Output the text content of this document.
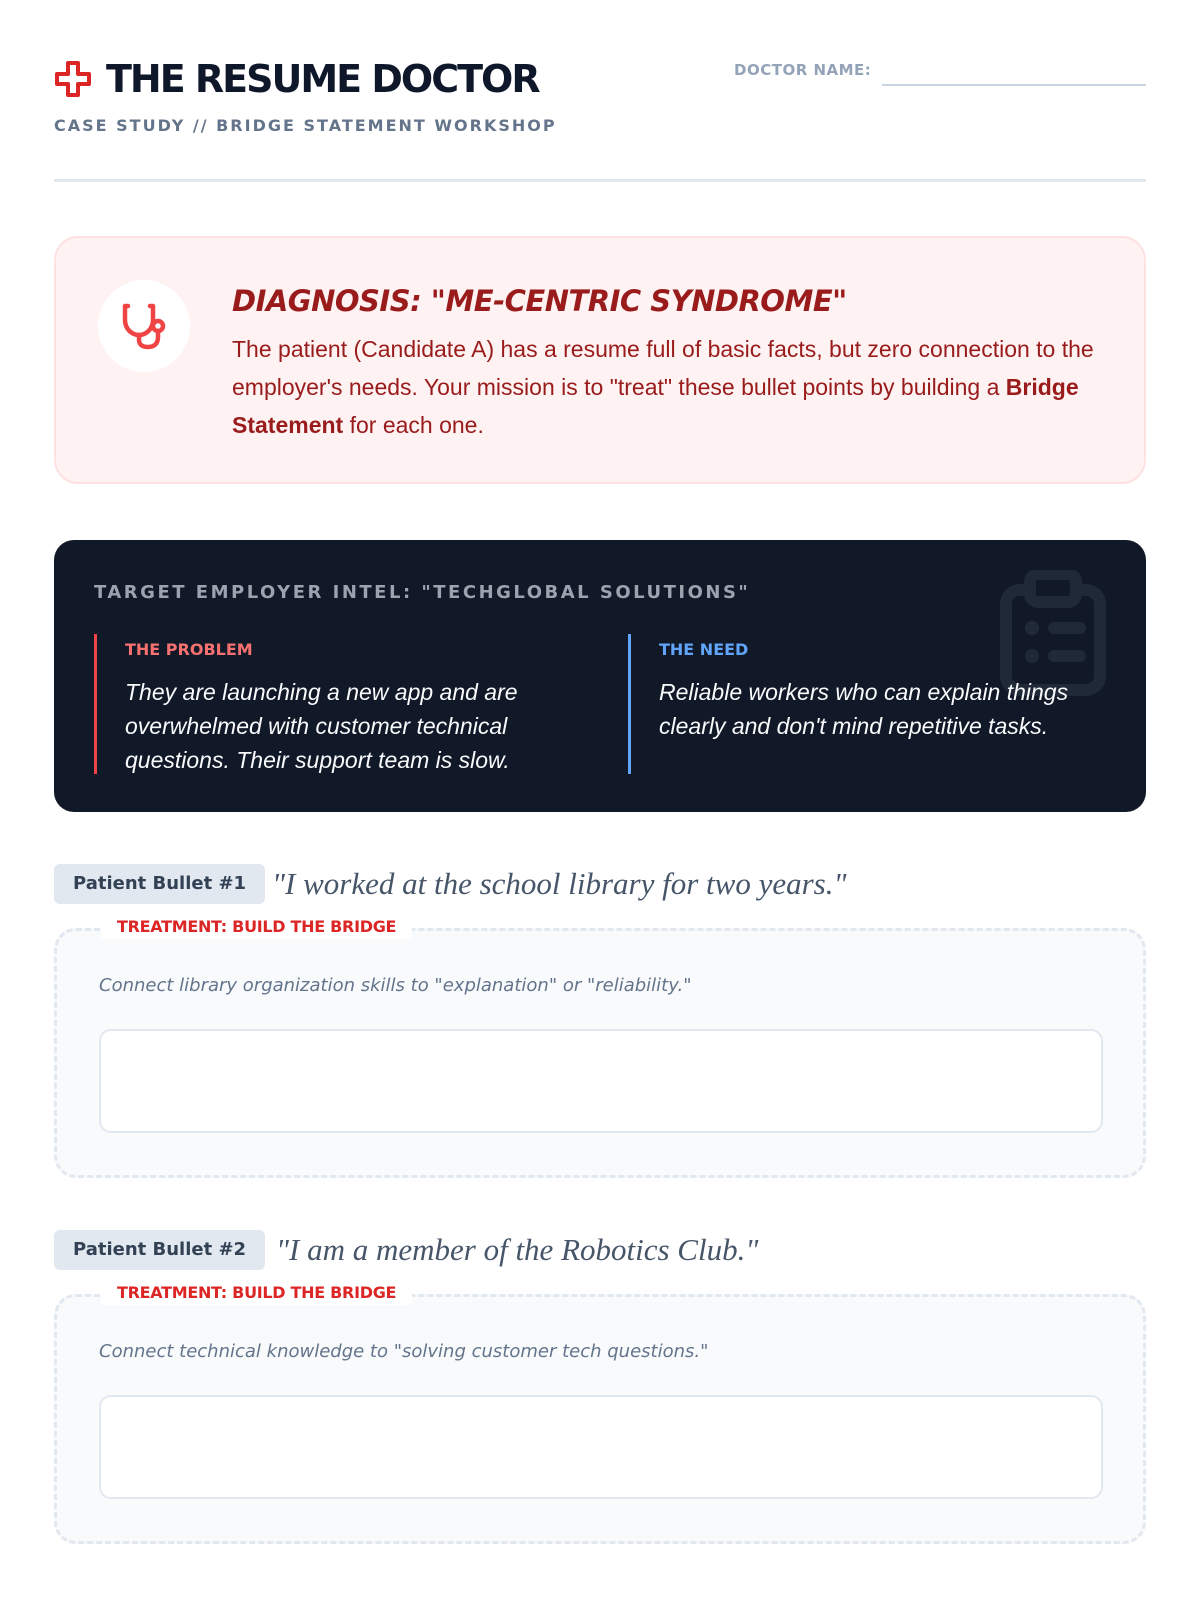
THE RESUME DOCTOR
CASE STUDY // BRIDGE STATEMENT WORKSHOP
DOCTOR NAME:
DIAGNOSIS: "ME-CENTRIC SYNDROME"
The patient (Candidate A) has a resume full of basic facts, but zero connection to the employer's needs. Your mission is to "treat" these bullet points by building a Bridge Statement for each one.
TARGET EMPLOYER INTEL: "TECHGLOBAL SOLUTIONS"
THE PROBLEM
They are launching a new app and are overwhelmed with customer technical questions. Their support team is slow.
THE NEED
Reliable workers who can explain things clearly and don't mind repetitive tasks.
Patient Bullet #1 "I worked at the school library for two years."
TREATMENT: BUILD THE BRIDGE
Connect library organization skills to "explanation" or "reliability."
Patient Bullet #2 "I am a member of the Robotics Club."
TREATMENT: BUILD THE BRIDGE
Connect technical knowledge to "solving customer tech questions."
